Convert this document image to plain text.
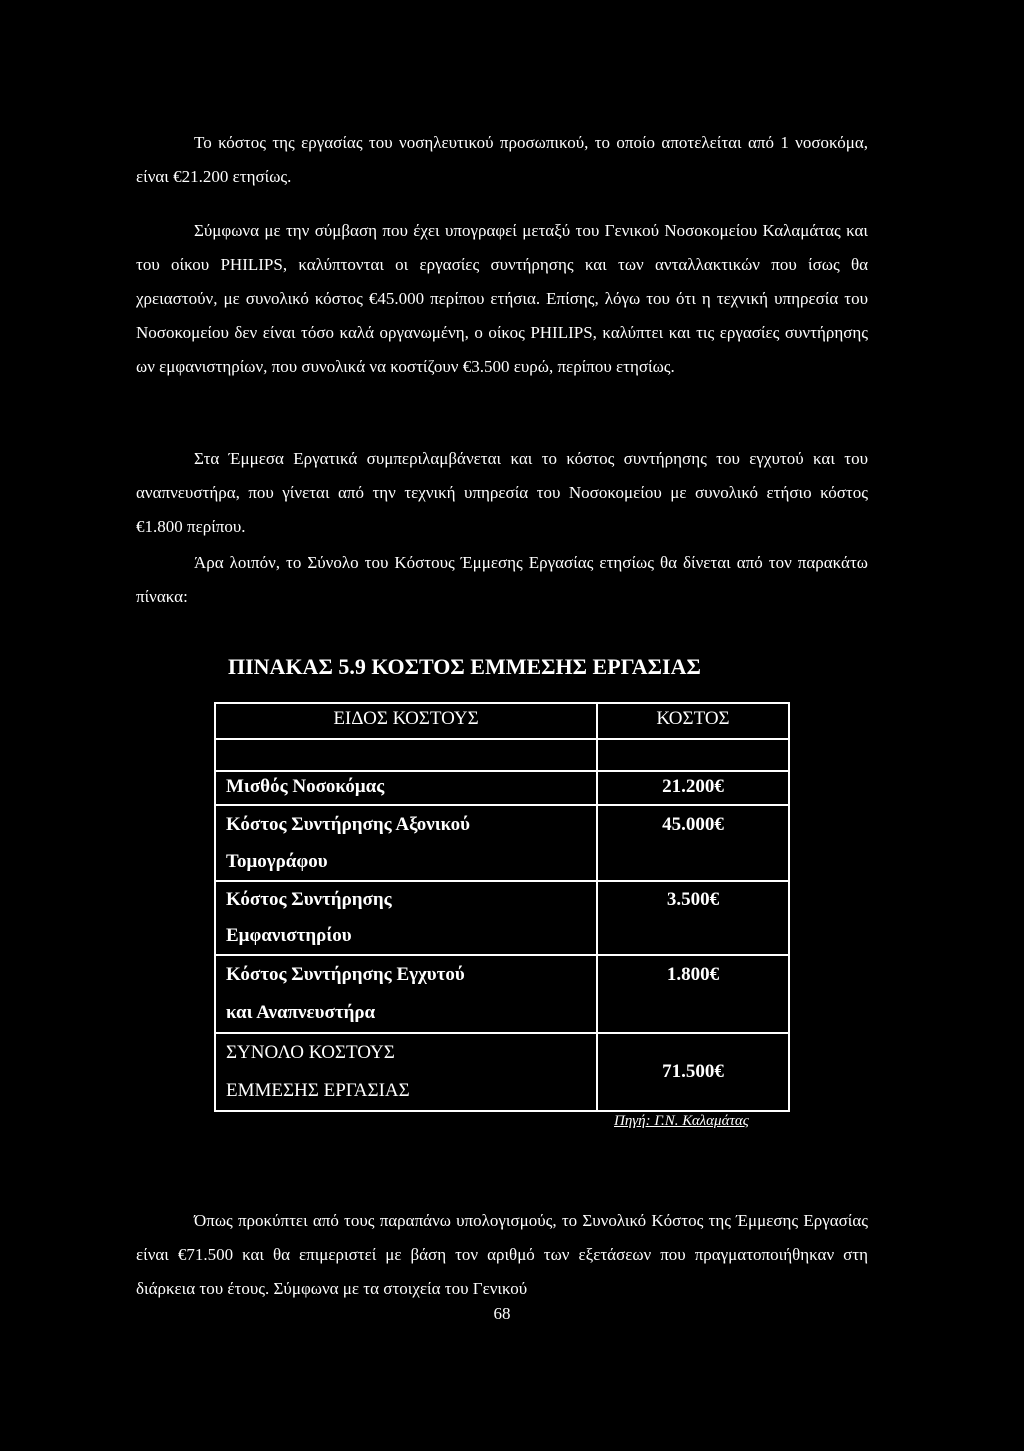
Το κόστος της εργασίας του νοσηλευτικού προσωπικού, το οποίο αποτελείται από 1 νοσοκόμα, είναι €21.200 ετησίως.

Σύμφωνα με την σύμβαση που έχει υπογραφεί μεταξύ του Γενικού Νοσοκομείου Καλαμάτας και του οίκου PHILIPS, καλύπτονται οι εργασίες συντήρησης και των ανταλλακτικών που ίσως θα χρειαστούν, με συνολικό κόστος €45.000 περίπου ετήσια. Επίσης, λόγω του ότι η τεχνική υπηρεσία του Νοσοκομείου δεν είναι τόσο καλά οργανωμένη, ο οίκος PHILIPS, καλύπτει και τις εργασίες συντήρησης ων εμφανιστηρίων, που συνολικά να κοστίζουν €3.500 ευρώ, περίπου ετησίως.

Στα Έμμεσα Εργατικά συμπεριλαμβάνεται και το κόστος συντήρησης του εγχυτού και του αναπνευστήρα, που γίνεται από την τεχνική υπηρεσία του Νοσοκομείου με συνολικό ετήσιο κόστος €1.800 περίπου.

Άρα λοιπόν, το Σύνολο του Κόστους Έμμεσης Εργασίας ετησίως θα δίνεται από τον παρακάτω πίνακα:

ΠΙΝΑΚΑΣ 5.9 ΚΟΣΤΟΣ ΕΜΜΕΣΗΣ ΕΡΓΑΣΙΑΣ

ΕΙΔΟΣ ΚΟΣΤΟΥΣ	ΚΟΣΤΟΣ

Μισθός Νοσοκόμας	21.200€
Κόστος Συντήρησης Αξονικού
Τομογράφου	45.000€
Κόστος Συντήρησης
Εμφανιστηρίου	3.500€
Κόστος Συντήρησης Εγχυτού
και Αναπνευστήρα	1.800€
ΣΥΝΟΛΟ ΚΟΣΤΟΥΣ
ΕΜΜΕΣΗΣ ΕΡΓΑΣΙΑΣ	71.500€

Πηγή: Γ.Ν. Καλαμάτας

Όπως προκύπτει από τους παραπάνω υπολογισμούς, το Συνολικό Κόστος της Έμμεσης Εργασίας είναι €71.500 και θα επιμεριστεί με βάση τον αριθμό των εξετάσεων που πραγματοποιήθηκαν στη διάρκεια του έτους. Σύμφωνα με τα στοιχεία του Γενικού

68
